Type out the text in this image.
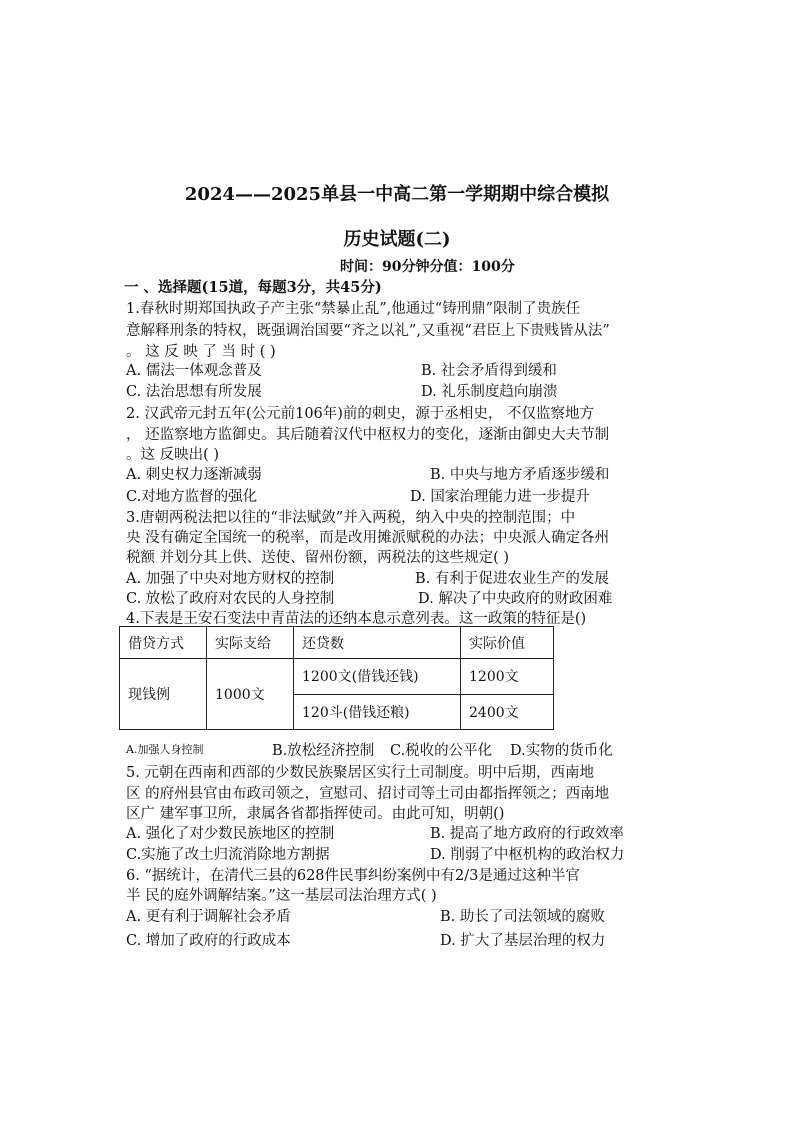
2024——2025单县一中高二第一学期期中综合模拟
历史试题(二)
时间：90分钟分值：100分
一 、选择题(15道，每题3分，共45分)
1.春秋时期郑国执政子产主张“禁暴止乱”,他通过“铸刑鼎”限制了贵族任
意解释刑条的特权，既强调治国要“齐之以礼”,又重视“君臣上下贵贱皆从法”
。 这 反 映 了 当 时 ( )
A. 儒法一体观念普及	B. 社会矛盾得到缓和
C. 法治思想有所发展	D. 礼乐制度趋向崩溃
2. 汉武帝元封五年(公元前106年)前的刺史，源于丞相史， 不仅监察地方
， 还监察地方监御史。其后随着汉代中枢权力的变化，逐渐由御史大夫节制
。这 反映出( )
A. 刺史权力逐渐减弱	B. 中央与地方矛盾逐步缓和
C.对地方监督的强化	D. 国家治理能力进一步提升
3.唐朝两税法把以往的“非法赋敛”并入两税，纳入中央的控制范围；中
央 没有确定全国统一的税率，而是改用摊派赋税的办法；中央派人确定各州
税额 并划分其上供、送使、留州份额，两税法的这些规定( )
A. 加强了中央对地方财权的控制	B. 有利于促进农业生产的发展
C. 放松了政府对农民的人身控制	D. 解决了中央政府的财政困难
4.下表是王安石变法中青苗法的还纳本息示意列表。这一政策的特征是()
借贷方式	实际支给	还贷数	实际价值
现钱例	1000文	1200文(借钱还钱)	1200文
		120斗(借钱还粮)	2400文
A.加强人身控制	B.放松经济控制 C.税收的公平化 D.实物的货币化
5. 元朝在西南和西部的少数民族聚居区实行土司制度。明中后期，西南地
区 的府州县官由布政司领之，宣慰司、招讨司等土司由都指挥领之；西南地
区广 建军事卫所，隶属各省都指挥使司。由此可知，明朝()
A. 强化了对少数民族地区的控制	B. 提高了地方政府的行政效率
C.实施了改土归流消除地方割据	D. 削弱了中枢机构的政治权力
6. “据统计，在清代三县的628件民事纠纷案例中有2/3是通过这种半官
半 民的庭外调解结案。”这一基层司法治理方式( )
A. 更有利于调解社会矛盾	B. 助长了司法领域的腐败
C. 增加了政府的行政成本	D. 扩大了基层治理的权力
